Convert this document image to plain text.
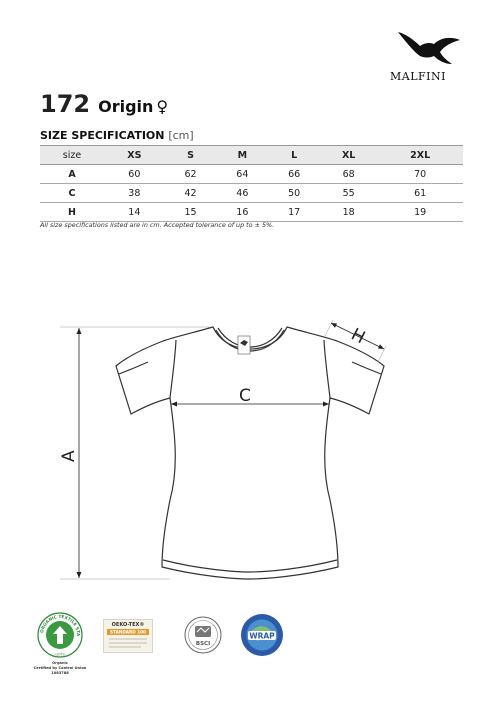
MALFINI
172 Origin ♀
SIZE SPECIFICATION [cm]
size	XS	S	M	L	XL	2XL
A	60	62	64	66	68	70
C	38	42	46	50	55	61
H	14	15	16	17	18	19
All size specifications listed are in cm. Accepted tolerance of up to ± 5%.
C
A
H
ORGANIC TEXTILE STA
GOTS
Organic
Certified by Control Union
1083788
OEKO-TEX®
STANDARD 100
BSCI
WRAP
